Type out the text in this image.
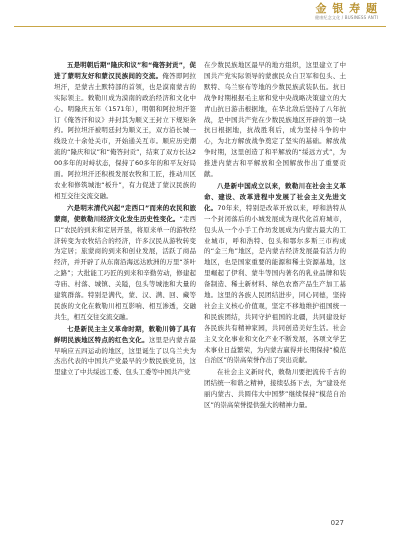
金 银 寿 题
健康纪念文化 / BUSINESS ANTI

五是明朝后期“隆庆和议”和“俺答封贡”，促进了蒙明友好和蒙汉民族间的交流。俺答即阿拉坦汗，是蒙古土默特部的首领，也是漠南蒙古的实际领主。敕勒川成为漠南的政治经济和文化中心。明隆庆五年（1571年），明朝和阿拉坦汗签订《俺答汗和议》并封其为顺义王封立下规矩条约。阿拉坦汗被明廷封为顺义王，双方沿长城一线设立十余处关市，开始通关互市。顺应历史潮流的“隆庆和议”和“俺答封贡”，结束了双方长达200多年的对峙状态，保持了60多年的和平友好局面。阿拉坦汗还积极发展农牧和工匠，推动川区农业和修筑城池“板升”，有力促进了蒙汉民族的相互交往交流交融。

六是明末清代兴起“走西口”而来的农民和旅蒙商，使敕勒川经济文化发生历史性变化。“走西口”农民的到来和定居开垦，将原来单一的游牧经济转变为农牧结合的经济，许多汉民从游牧转变为定居；旅蒙商的到来和创业发展，活跃了商品经济，并开辟了从东南沿海远达欧洲的万里“茶叶之路”；大批能工巧匠的到来和辛勤劳动，修建起寺庙、村落、城镇、关隘，包头等城池和大量的建筑群落。特别是满代，蒙、汉、满、回、藏等民族的文化在敕勒川相互影响、相互渗透，交融共生，相互交往交流交融。

七是新民主主义革命时期，敕勒川铸了具有鲜明民族地区特点的红色文化。这里是内蒙古最早响应五四运动的地区，这里诞生了以乌兰夫为杰出代表的中国共产党最早的少数民族党员，这里建立了中共绥远工委、包头工委等中国共产党

在少数民族地区最早的地方组织，这里建立了中国共产党实际领导的蒙旗民众自卫军和包头、土默特、乌兰察布等地的少数民族武装队伍。抗日战争时期根据毛主席和党中央战略决策建立的大青山抗日游击根据地，在华北敌后坚持了八年抗战，是中国共产党在少数民族地区开辟的第一块抗日根据地，抗战胜利后，成为坚持斗争的中心，为北方解放战争奠定了坚实的基础。解放战争时期，这里创造了和平解放的“绥远方式”，为推进内蒙古和平解放和全国解放作出了重要贡献。

八是新中国成立以来，敕勒川在社会主义革命、建设、改革进程中发展了社会主义先进文化。70年来，特别是改革开放以来，呼和浩特从一个封闭落后的小城发展成为现代化首府城市，包头从一个小手工作坊发展成为内蒙古最大的工业城市，呼和浩特、包头和鄂尔多斯三市构成的“金三角”地区，是内蒙古经济发展最有活力的地区，也是国家重要的能源和稀土资源基地，这里崛起了伊利、蒙牛等国内著名的乳业品牌和装备制造、稀土新材料、绿色农畜产品生产加工基地。这里的各族人民团结进步，同心同德，坚持社会主义核心价值观，坚定不移地维护祖国统一和民族团结，共同守护祖国的北疆，共同建设好各民族共有精神家园，共同创造美好生活。社会主义文化事业和文化产业不断发展，各项文学艺术事业日益繁荣，为内蒙古赢得并长期保持“模范自治区”的崇高荣誉作出了突出贡献。

在社会主义新时代，敕勒川要把流传千古的团结统一和谐之精神，接续弘扬下去，为“建设亮丽内蒙古、共圆伟大中国梦”继续保持“模范自治区”的崇高荣誉提供强大的精神力量。

027
